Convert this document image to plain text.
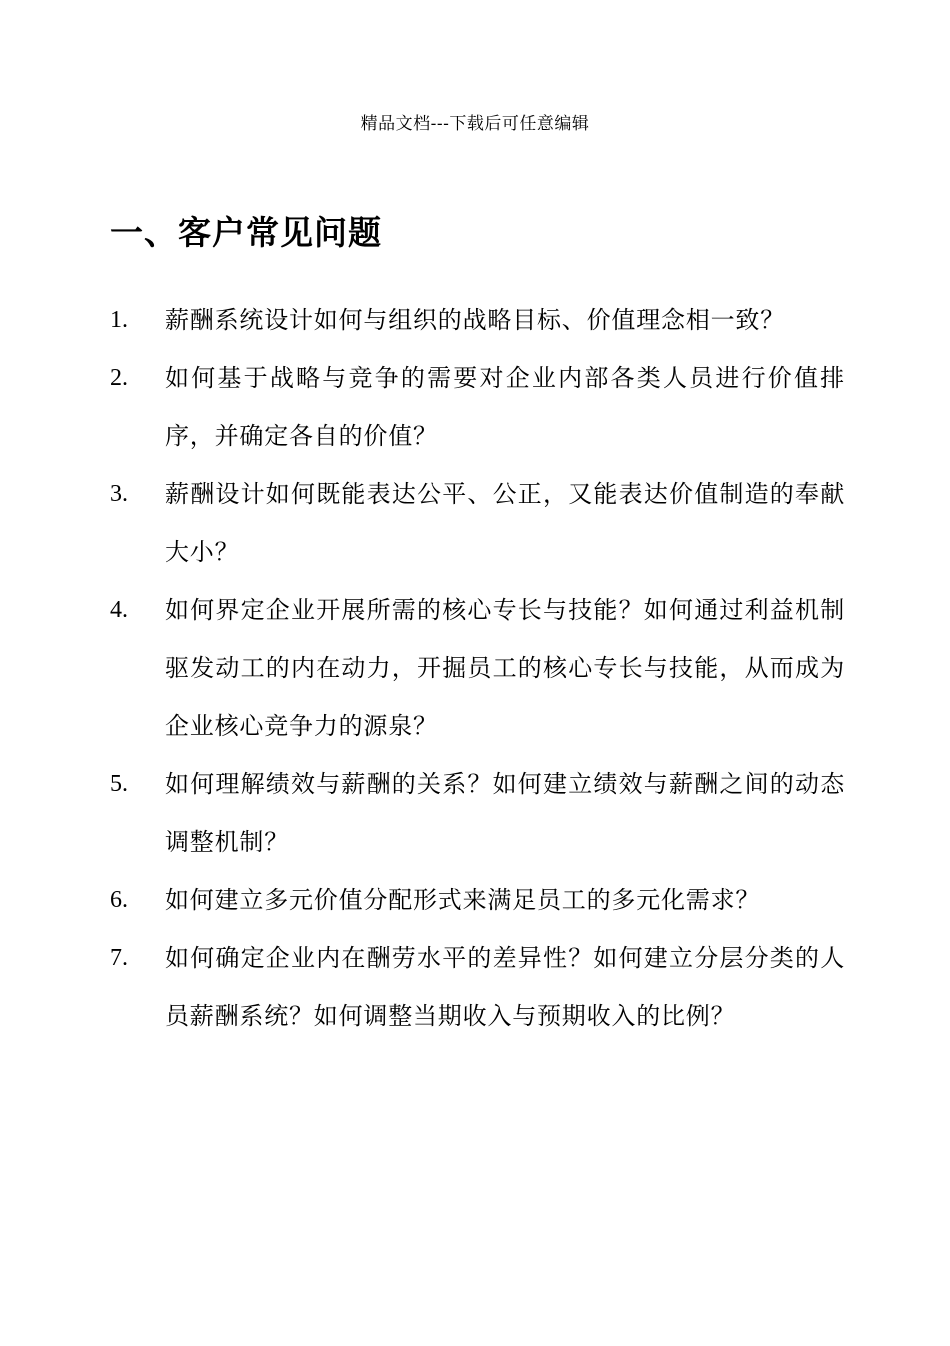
精品文档---下载后可任意编辑
一、客户常见问题
1.	薪酬系统设计如何与组织的战略目标、价值理念相一致？
2.	如何基于战略与竞争的需要对企业内部各类人员进行价值排序，并确定各自的价值？
3.	薪酬设计如何既能表达公平、公正，又能表达价值制造的奉献大小？
4.	如何界定企业开展所需的核心专长与技能？如何通过利益机制驱发动工的内在动力，开掘员工的核心专长与技能，从而成为企业核心竞争力的源泉？
5.	如何理解绩效与薪酬的关系？如何建立绩效与薪酬之间的动态调整机制？
6.	如何建立多元价值分配形式来满足员工的多元化需求？
7.	如何确定企业内在酬劳水平的差异性？如何建立分层分类的人员薪酬系统？如何调整当期收入与预期收入的比例？
